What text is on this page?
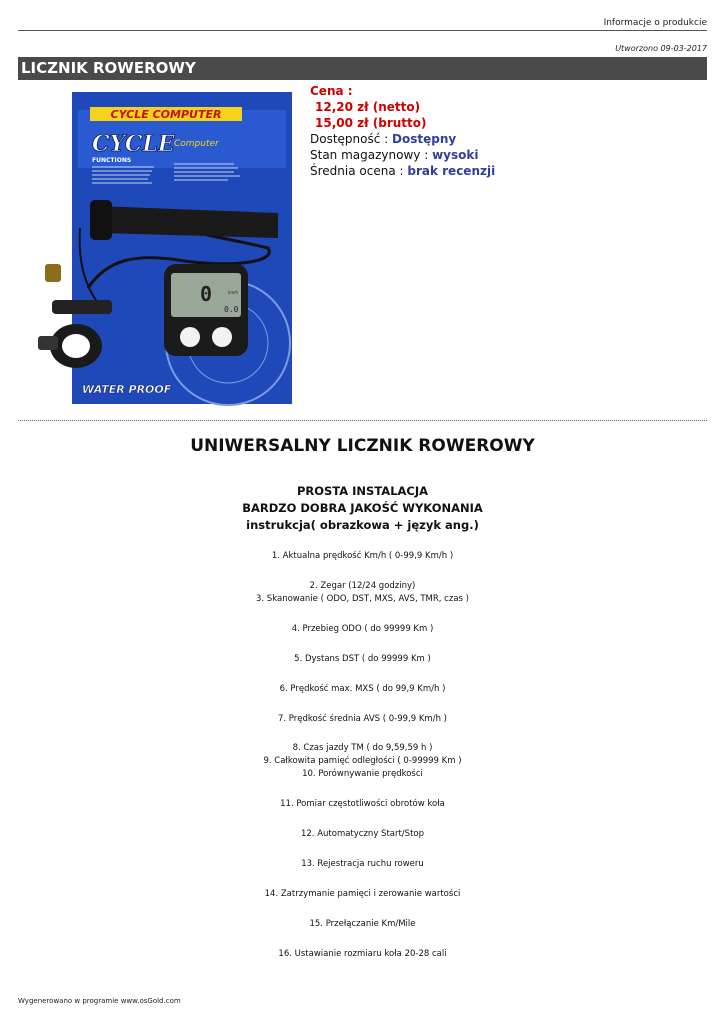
Informacje o produkcie
Utworzono 09-03-2017
LICZNIK ROWEROWY
CYCLE COMPUTER
CYCLE Computer
FUNCTIONS
0	km/h
0.0
WATER PROOF
Cena :
12,20 zł (netto)
15,00 zł (brutto)
Dostępność : Dostępny
Stan magazynowy : wysoki
Średnia ocena : brak recenzji
UNIWERSALNY LICZNIK ROWEROWY
PROSTA INSTALACJA
BARDZO DOBRA JAKOŚĆ WYKONANIA
instrukcja( obrazkowa + język ang.)
1. Aktualna prędkość Km/h ( 0-99,9 Km/h )
2. Zegar (12/24 godziny)
3. Skanowanie ( ODO, DST, MXS, AVS, TMR, czas )
4. Przebieg ODO ( do 99999 Km )
5. Dystans DST ( do 99999 Km )
6. Prędkość max. MXS ( do 99,9 Km/h )
7. Prędkość średnia AVS ( 0-99,9 Km/h )
8. Czas jazdy TM ( do 9,59,59 h )
9. Całkowita pamięć odległości ( 0-99999 Km )
10. Porównywanie prędkości
11. Pomiar częstotliwości obrotów koła
12. Automatyczny Start/Stop
13. Rejestracja ruchu roweru
14. Zatrzymanie pamięci i zerowanie wartości
15. Przełączanie Km/Mile
16. Ustawianie rozmiaru koła 20-28 cali
Wygenerowano w programie www.osGold.com
